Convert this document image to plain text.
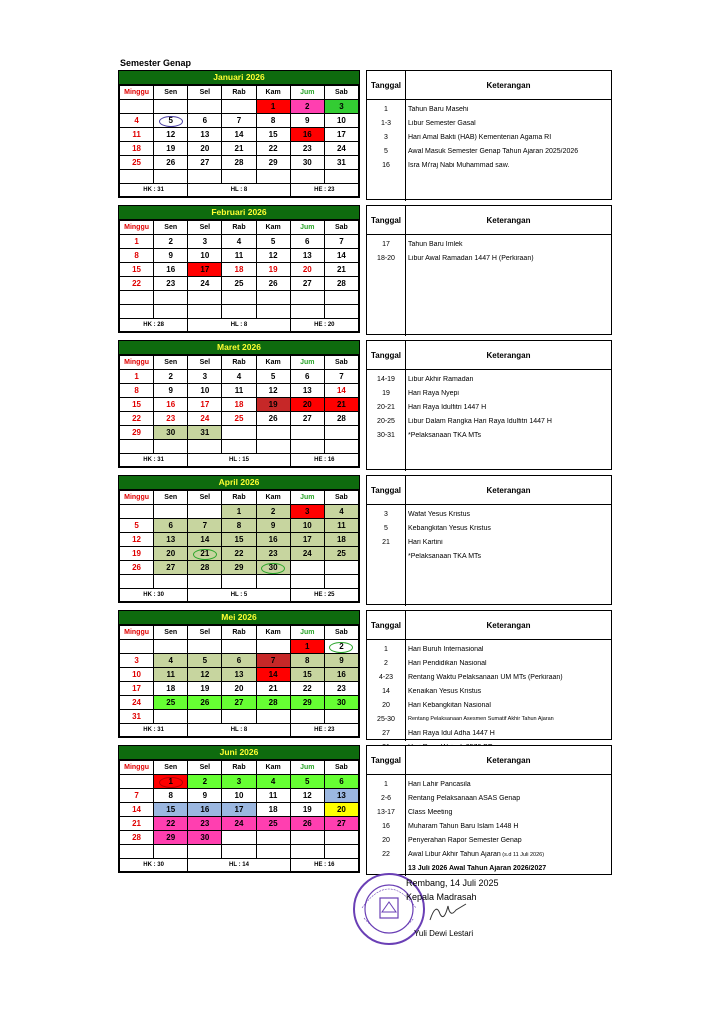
Semester Genap
Januari 2026
Minggu	Sen	Sel	Rab	Kam	Jum	Sab
				1	2	3
4	5	6	7	8	9	10
11	12	13	14	15	16	17
18	19	20	21	22	23	24
25	26	27	28	29	30	31

HK : 31		HL : 8			HE : 23	
Tanggal	Keterangan
1	Tahun Baru Masehi
1-3	Libur Semester Gasal
3	Hari Amal Bakti (HAB) Kementerian Agama RI
5	Awal Masuk Semester Genap Tahun Ajaran 2025/2026
16	Isra Mi'raj Nabi Muhammad saw.
Februari 2026
Minggu	Sen	Sel	Rab	Kam	Jum	Sab
1	2	3	4	5	6	7
8	9	10	11	12	13	14
15	16	17	18	19	20	21
22	23	24	25	26	27	28

HK : 28		HL : 8			HE : 20	
Tanggal	Keterangan
17	Tahun Baru Imlek
18-20	Libur Awal Ramadan 1447 H (Perkiraan)
Maret 2026
Minggu	Sen	Sel	Rab	Kam	Jum	Sab
1	2	3	4	5	6	7
8	9	10	11	12	13	14
15	16	17	18	19	20	21
22	23	24	25	26	27	28
29	30	31				

HK : 31		HL : 15			HE : 16	
Tanggal	Keterangan
14-19	Libur Akhir Ramadan
19	Hari Raya Nyepi
20-21	Hari Raya Idulfitri 1447 H
20-25	Libur Dalam Rangka Hari Raya Idulfitri 1447 H
30-31	*Pelaksanaan TKA MTs
April 2026
Minggu	Sen	Sel	Rab	Kam	Jum	Sab
			1	2	3	4
5	6	7	8	9	10	11
12	13	14	15	16	17	18
19	20	21	22	23	24	25
26	27	28	29	30		

HK : 30		HL : 5			HE : 25	
Tanggal	Keterangan
3	Wafat Yesus Kristus
5	Kebangkitan Yesus Kristus
21	Hari Kartini
*Pelaksanaan TKA MTs
Mei 2026
Minggu	Sen	Sel	Rab	Kam	Jum	Sab
					1	2
3	4	5	6	7	8	9
10	11	12	13	14	15	16
17	18	19	20	21	22	23
24	25	26	27	28	29	30
31						
HK : 31		HL : 8			HE : 23	
Tanggal	Keterangan
1	Hari Buruh Internasional
2	Hari Pendidikan Nasional
4-23	Rentang Waktu Pelaksanaan UM MTs (Perkiraan)
14	Kenaikan Yesus Kristus
20	Hari Kebangkitan Nasional
25-30	Rentang Pelaksanaan Asesmen Sumatif Akhir Tahun Ajaran
27	Hari Raya Idul Adha 1447 H
Juni 2026
Minggu	Sen	Sel	Rab	Kam	Jum	Sab
	1	2	3	4	5	6
7	8	9	10	11	12	13
14	15	16	17	18	19	20
21	22	23	24	25	26	27
28	29	30				

HK : 30		HL : 14			HE : 16	
Tanggal	Keterangan
1	Hari Lahir Pancasila
2-6	Rentang Pelaksanaan ASAS Genap
13-17	Class Meeting
16	Muharam Tahun Baru Islam 1448 H
20	Penyerahan Rapor Semester Genap
22	Awal Libur Akhir Tahun Ajaran (s.d 11 Juli 2026)
13 Juli 2026 Awal Tahun Ajaran 2026/2027
Rembang, 14 Juli 2025
Kepala Madrasah
Yuli Dewi Lestari
